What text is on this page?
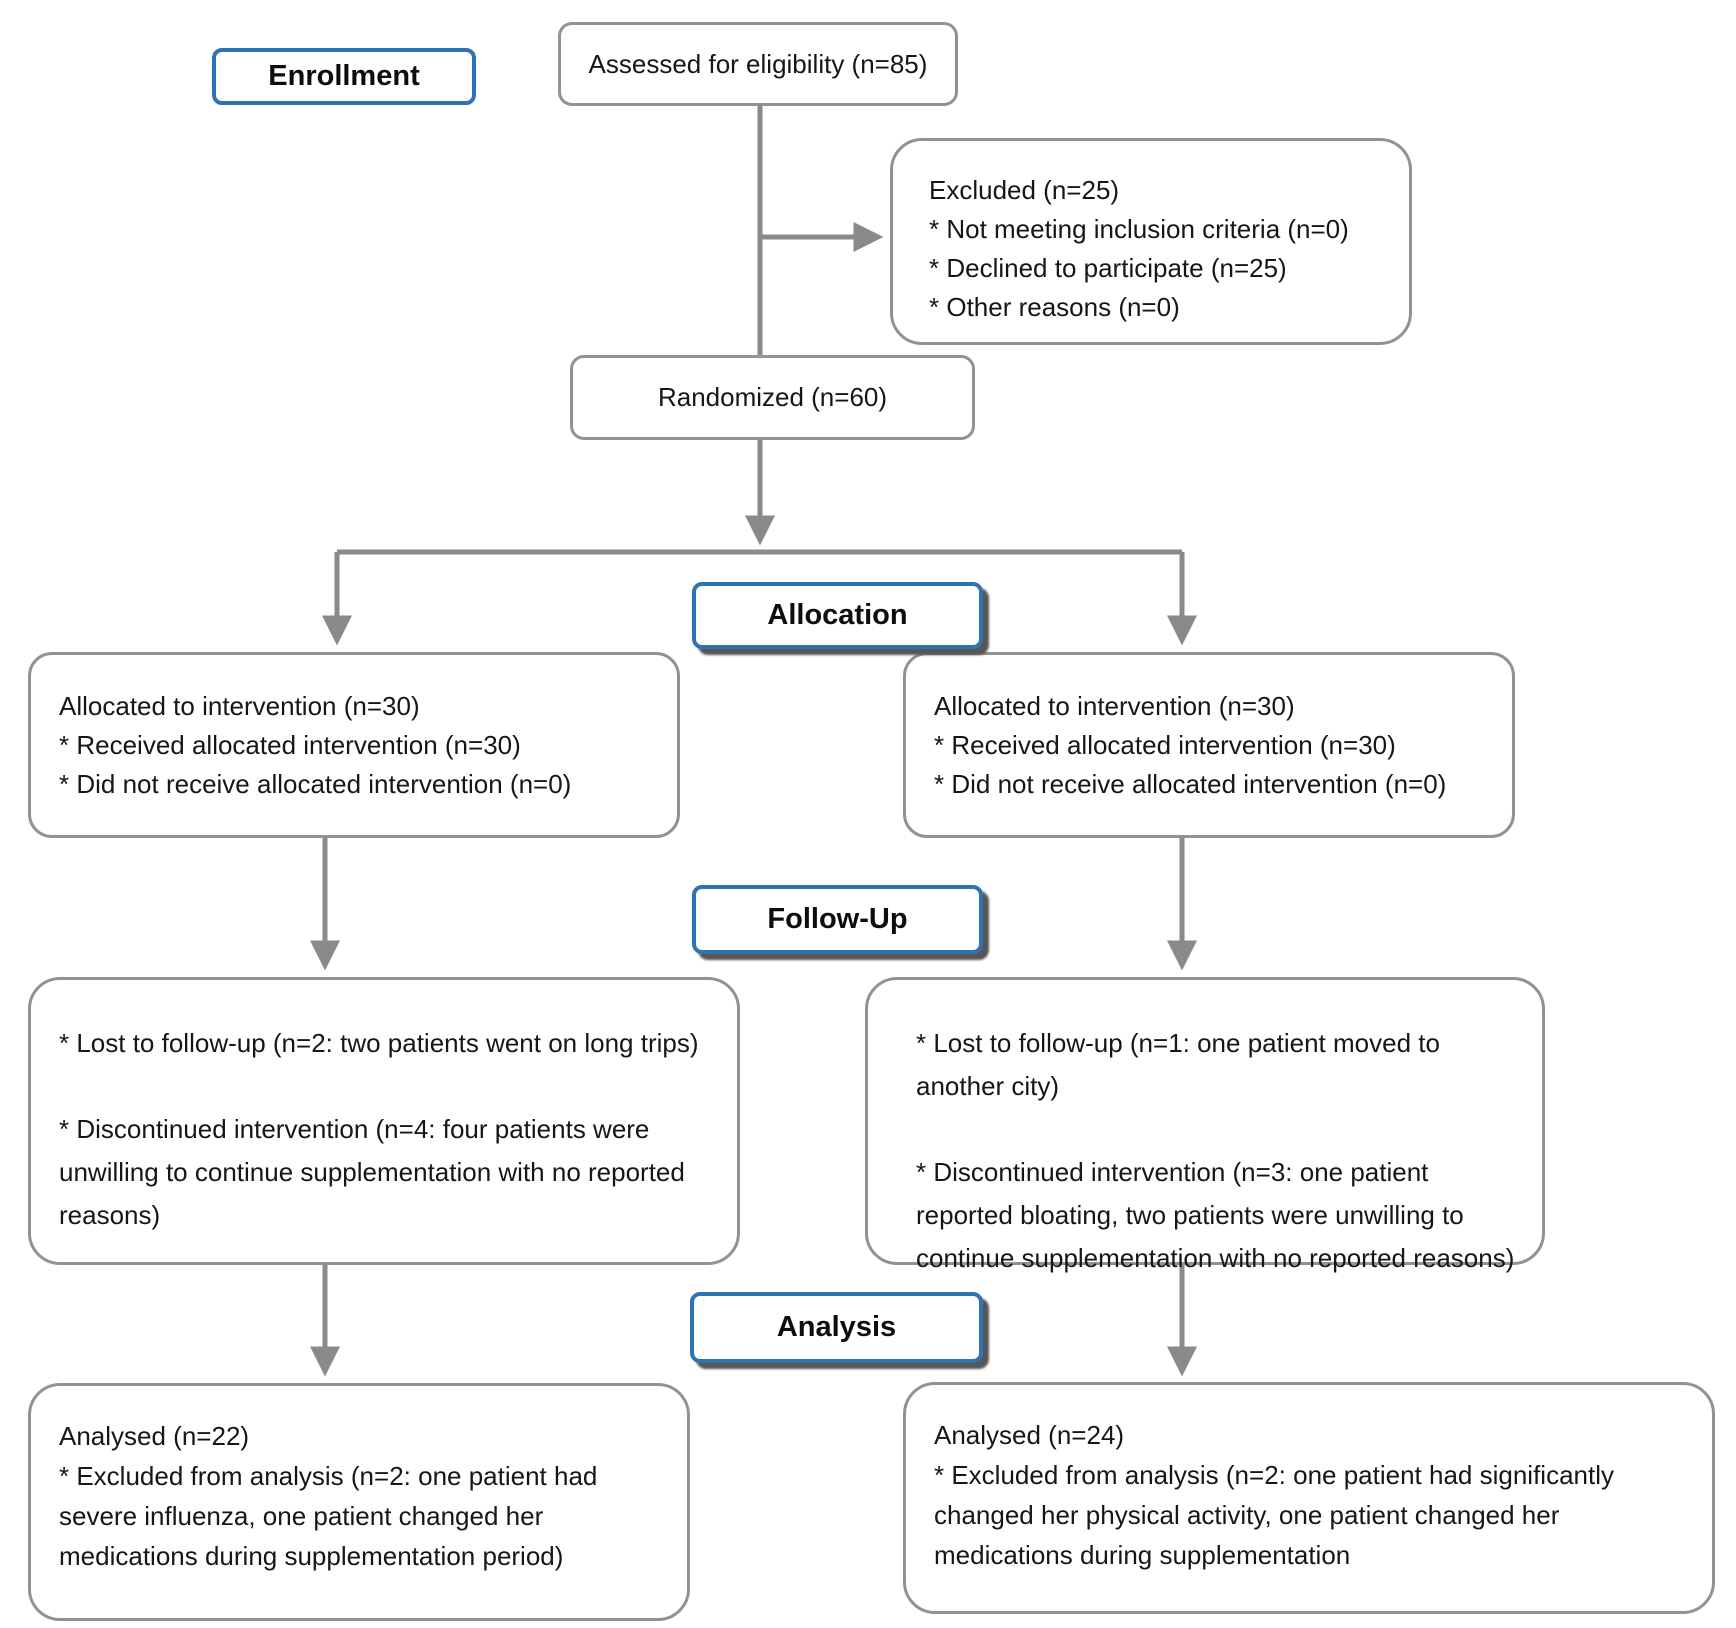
Enrollment
Allocation
Follow-Up
Analysis
Assessed for eligibility (n=85)
Excluded (n=25)
* Not meeting inclusion criteria (n=0)
* Declined to participate (n=25)
* Other reasons (n=0)
Randomized (n=60)
Allocated to intervention (n=30)
* Received allocated intervention (n=30)
* Did not receive allocated intervention (n=0)
Allocated to intervention (n=30)
* Received allocated intervention (n=30)
* Did not receive allocated intervention (n=0)

* Lost to follow-up (n=2: two patients went on long trips)

* Discontinued intervention (n=4: four patients were unwilling to continue supplementation with no reported reasons)

* Lost to follow-up (n=1: one patient moved to another city)

* Discontinued intervention (n=3: one patient reported bloating, two patients were unwilling to continue supplementation with no reported reasons)

Analysed (n=22)

* Excluded from analysis (n=2: one patient had severe influenza, one patient changed her medications during supplementation period)

Analysed (n=24)

* Excluded from analysis (n=2: one patient had significantly changed her physical activity, one patient changed her medications during supplementation
